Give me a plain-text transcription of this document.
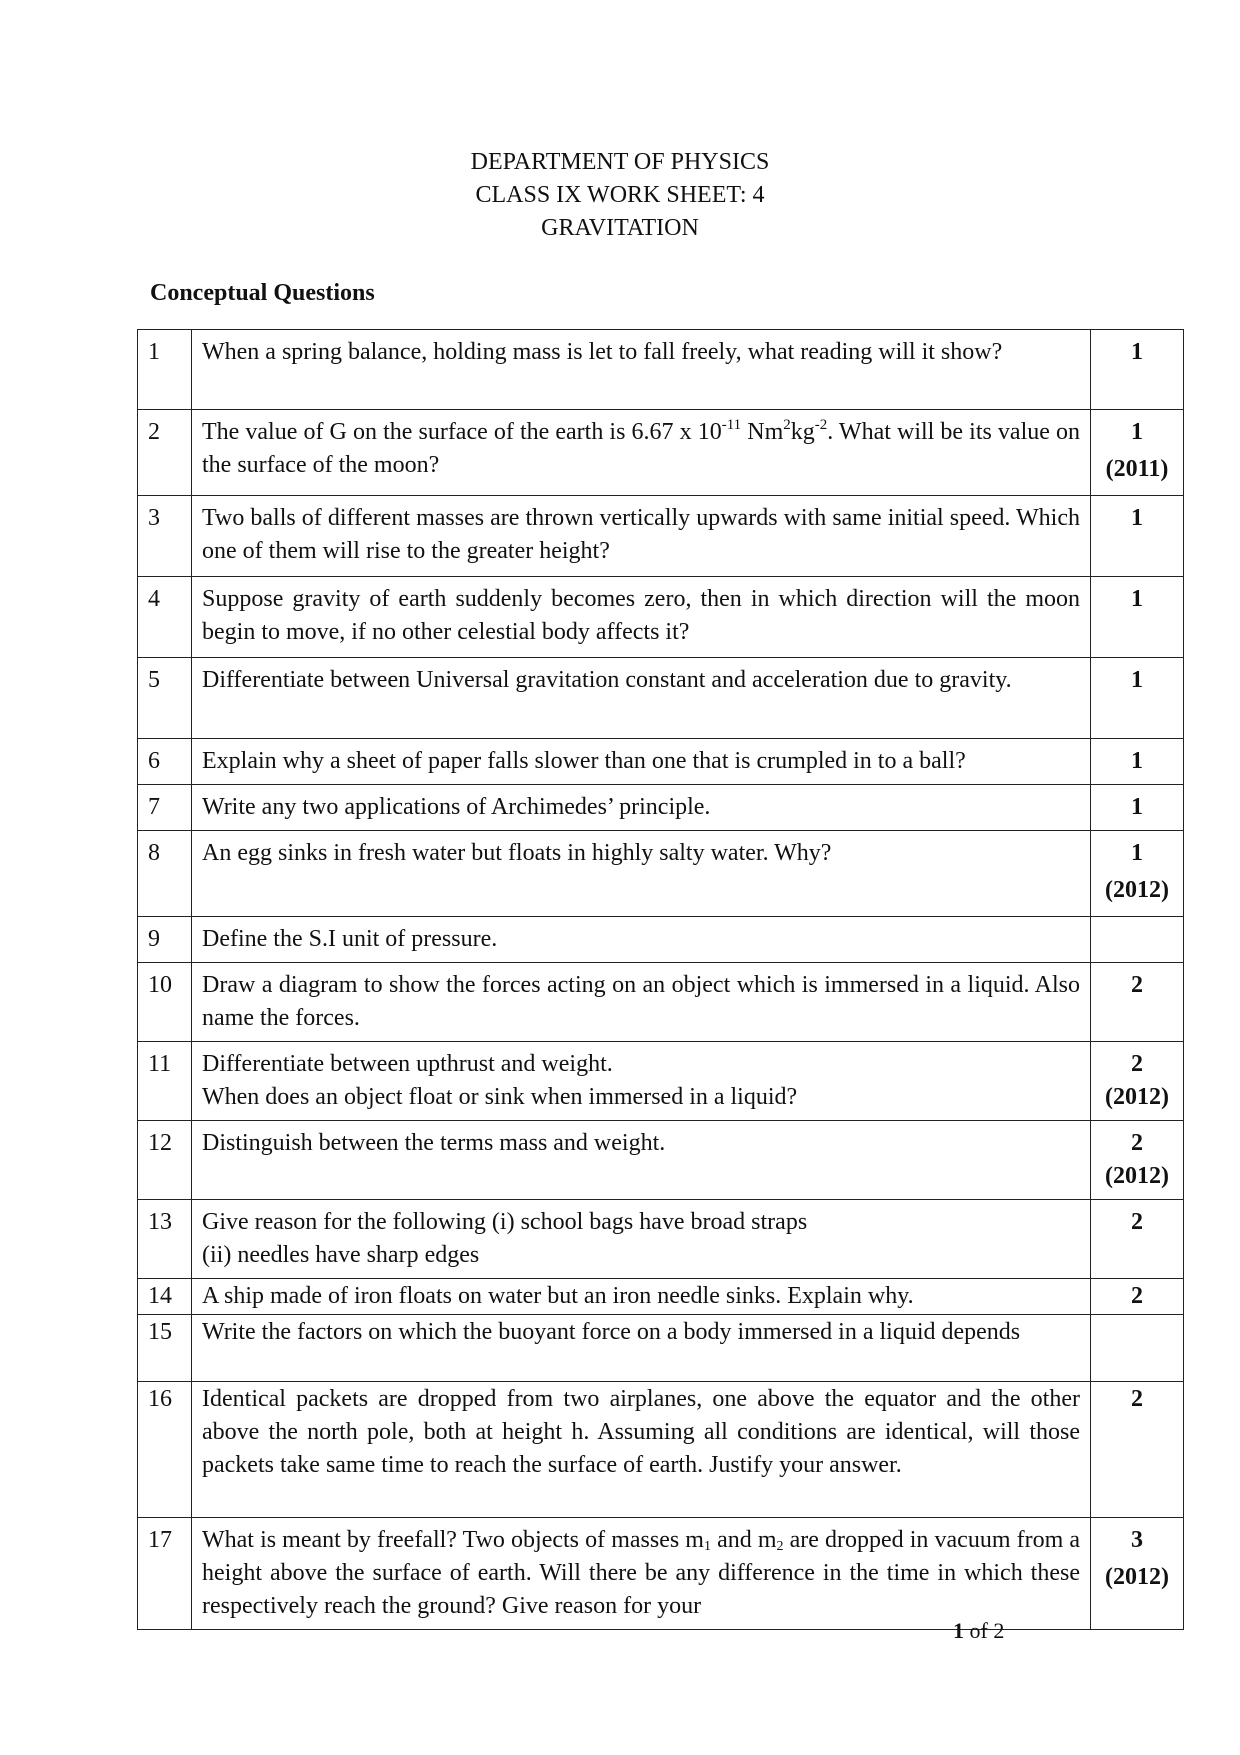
DEPARTMENT OF PHYSICS
CLASS IX WORK SHEET: 4
GRAVITATION
Conceptual Questions
1	When a spring balance, holding mass is let to fall freely, what reading will it show?	1
2	The value of G on the surface of the earth is 6.67 x $10^{-11}$ $Nm^2kg^{-2}$. What will be its value on the surface of the moon?	1
(2011)

3	Two balls of different masses are thrown vertically upwards with same initial speed. Which one of them will rise to the greater height?	1
4	Suppose gravity of earth suddenly becomes zero, then in which direction will the moon begin to move, if no other celestial body affects it?	1
5	Differentiate between Universal gravitation constant and acceleration due to gravity.	1
6	Explain why a sheet of paper falls slower than one that is crumpled in to a ball?	1
7	Write any two applications of Archimedes’ principle.	1
8	An egg sinks in fresh water but floats in highly salty water. Why?	1
(2012)

9	Define the S.I unit of pressure.	
10	Draw a diagram to show the forces acting on an object which is immersed in a liquid. Also name the forces.	2
11	Differentiate between upthrust and weight.
When does an object float or sink when immersed in a liquid?	2
(2012)

12	Distinguish between the terms mass and weight.	2
(2012)

13	Give reason for the following (i) school bags have broad straps
(ii) needles have sharp edges	2
14	A ship made of iron floats on water but an iron needle sinks. Explain why.	2
15	Write the factors on which the buoyant force on a body immersed in a liquid depends	
16	Identical packets are dropped from two airplanes, one above the equator and the other above the north pole, both at height h. Assuming all conditions are identical, will those packets take same time to reach the surface of earth. Justify your answer.	2
17	What is meant by freefall? Two objects of masses $m_1$ and $m_2$ are dropped in vacuum from a height above the surface of earth. Will there be any difference in the time in which these respectively reach the ground? Give reason for your	3
(2012)
1 of 2
